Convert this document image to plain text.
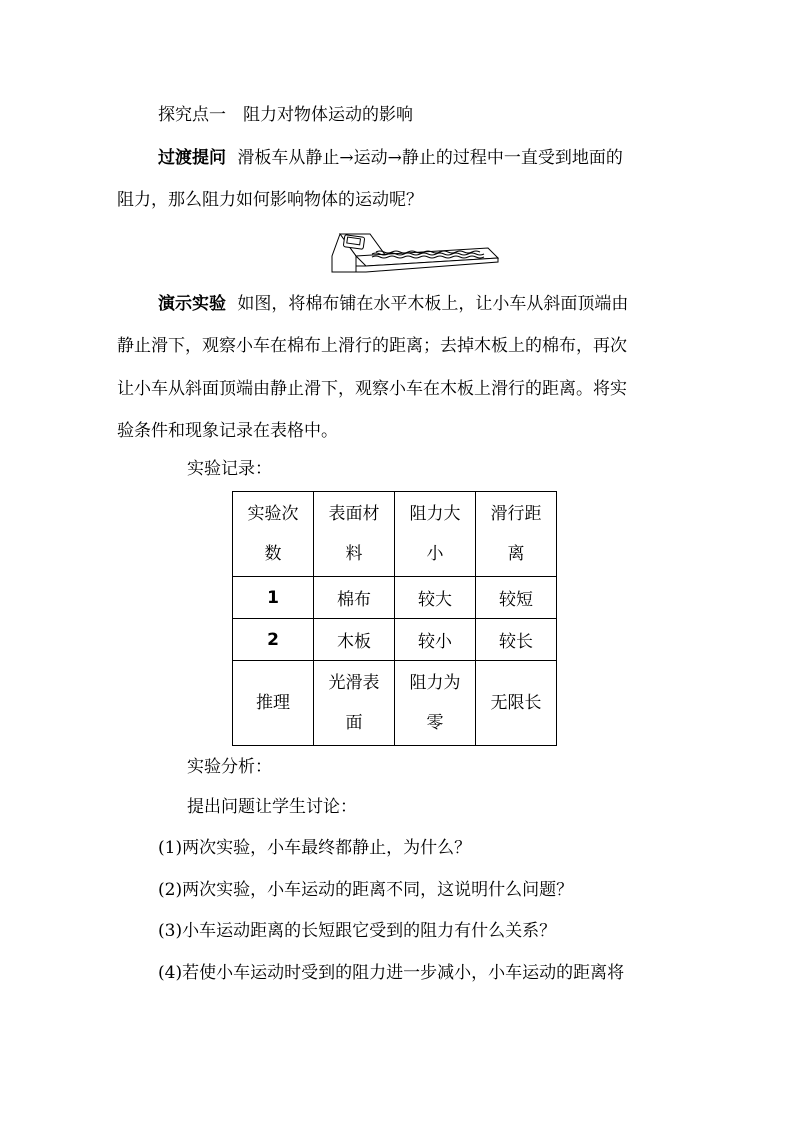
探究点一　阻力对物体运动的影响
过渡提问 滑板车从静止→运动→静止的过程中一直受到地面的
阻力，那么阻力如何影响物体的运动呢？
演示实验 如图，将棉布铺在水平木板上，让小车从斜面顶端由
静止滑下，观察小车在棉布上滑行的距离；去掉木板上的棉布，再次
让小车从斜面顶端由静止滑下，观察小车在木板上滑行的距离。将实
验条件和现象记录在表格中。
实验记录：
实验次数	表面材料	阻力大小	滑行距离

1	棉布	较大	较短
2	木板	较小	较长
推理	光滑表面	阻力为零	无限长
实验分析：
提出问题让学生讨论：
(1)两次实验，小车最终都静止，为什么？
(2)两次实验，小车运动的距离不同，这说明什么问题？
(3)小车运动距离的长短跟它受到的阻力有什么关系？
(4)若使小车运动时受到的阻力进一步减小，小车运动的距离将
